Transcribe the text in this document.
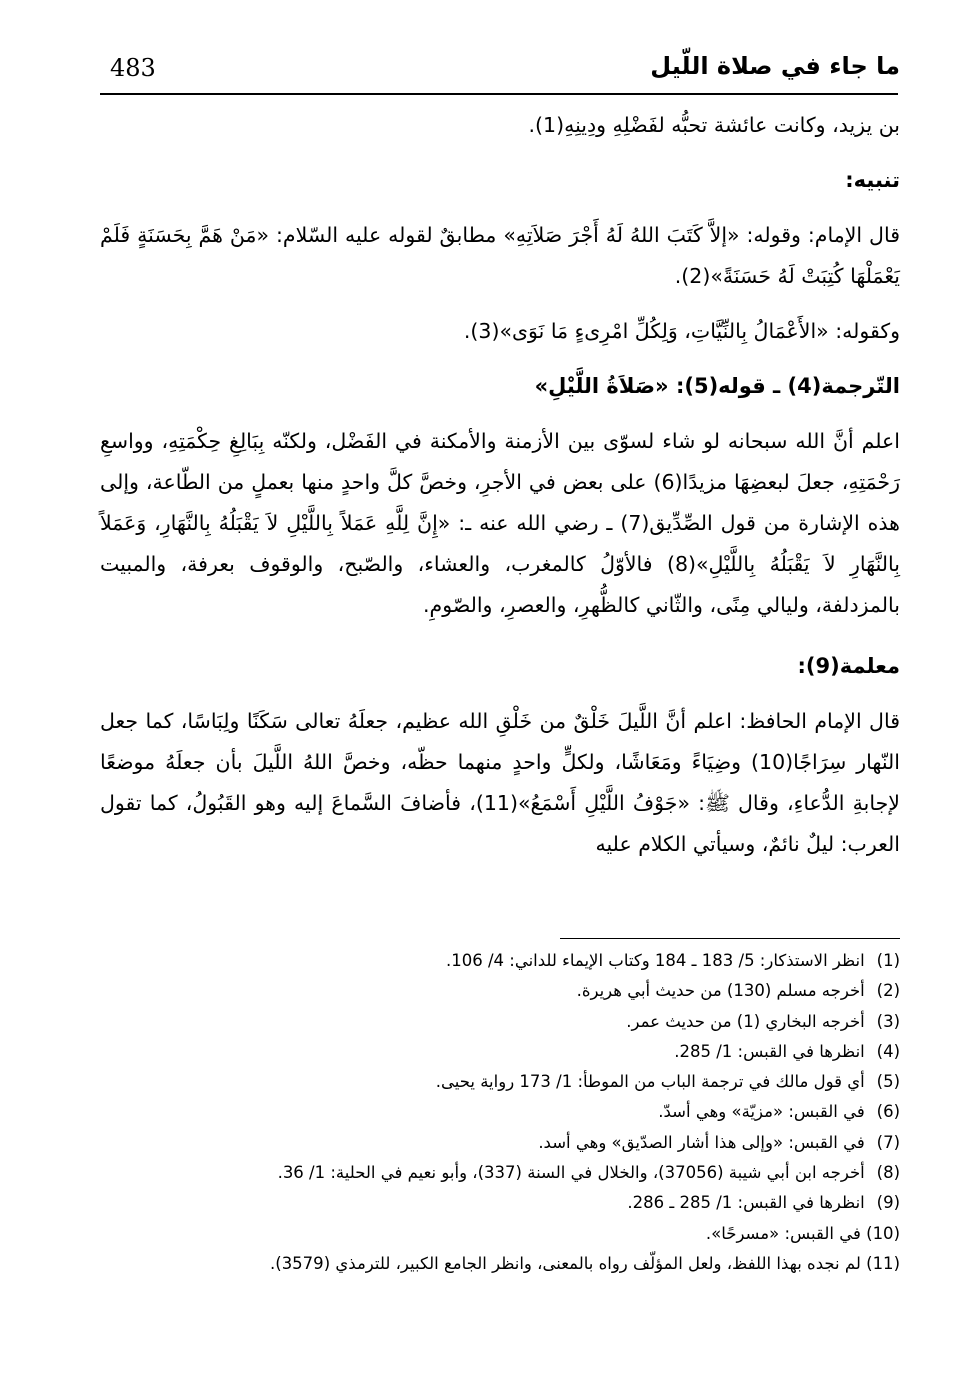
483	ما جاء في صلاة اللّيل

بن يزيد، وكانت عائشة تحبُّه لفَضْلِهِ ودِينِهِ(1).

تنبيه:

قال الإمام: وقوله: «إلاَّ كَتَبَ اللهُ لَهُ أَجْرَ صَلاَتِهِ» مطابقٌ لقوله عليه السّلام: «مَنْ هَمَّ بِحَسَنَةٍ فَلَمْ يَعْمَلْهَا كُتِبَتْ لَهُ حَسَنَةً»(2).

وكقوله: «الأَعْمَالُ بِالنِّيَّاتِ، وَلِكُلِّ امْرِىءٍ مَا نَوَى»(3).

التّرجمة(4) ـ قوله(5): «صَلاَةُ اللَّيْلِ»

اعلم أنَّ الله سبحانه لو شاء لسوّى بين الأزمنة والأمكنة في الفَضْل، ولكنّه بِبَالِغِ حِكْمَتِهِ، وواسعِ رَحْمَتِهِ، جعلَ لبعضِهَا مزيدًا(6) على بعض في الأجرِ، وخصَّ كلَّ واحدٍ منها بعملٍ من الطّاعة، وإلى هذه الإشارة من قول الصِّدِّيق(7) ـ رضي الله عنه ـ: «إِنَّ لِلَّهِ عَمَلاً بِاللَّيْلِ لاَ يَقْبَلُهُ بِالنَّهَارِ، وَعَمَلاً بِالنَّهَارِ لاَ يَقْبَلُهُ بِاللَّيْلِ»(8) فالأوّلُ كالمغرب، والعشاء، والصّبح، والوقوف بعرفة، والمبيت بالمزدلفة، وليالي مِنًى، والثّاني كالظُّهرِ، والعصرِ، والصّومِ.

معلمة(9):

قال الإمام الحافظ: اعلم أنَّ اللَّيلَ خَلْقٌ من خَلْقِ الله عظيم، جعلَهُ تعالى سَكَنًا ولِبَاسًا، كما جعل النّهار سِرَاجًا(10) وضِيَاءً ومَعَاشًا، ولكلٍّ واحدٍ منهما حظّه، وخصَّ اللهُ اللَّيلَ بأن جعلَهُ موضعًا لإجابةِ الدُّعاءِ، وقال ﷺ: «جَوْفُ اللَّيْلِ أَسْمَعُ»(11)، فأضافَ السَّماعَ إليه وهو القَبُولُ، كما تقول العرب: ليلٌ نائمٌ، وسيأتي الكلام عليه

(1) انظر الاستذكار: 5/ 183 ـ 184 وكتاب الإيماء للداني: 4/ 106.

(2) أخرجه مسلم (130) من حديث أبي هريرة.

(3) أخرجه البخاري (1) من حديث عمر.

(4) انظرها في القبس: 1/ 285.

(5) أي قول مالك في ترجمة الباب من الموطأ: 1/ 173 رواية يحيى.

(6) في القبس: «مزيّة» وهي أسدّ.

(7) في القبس: «وإلى هذا أشار الصدّيق» وهي أسد.

(8) أخرجه ابن أبي شيبة (37056)، والخلال في السنة (337)، وأبو نعيم في الحلية: 1/ 36.

(9) انظرها في القبس: 1/ 285 ـ 286.

(10) في القبس: «مسرحًا».

(11) لم نجده بهذا اللفظ، ولعل المؤلّف رواه بالمعنى، وانظر الجامع الكبير، للترمذي (3579).
